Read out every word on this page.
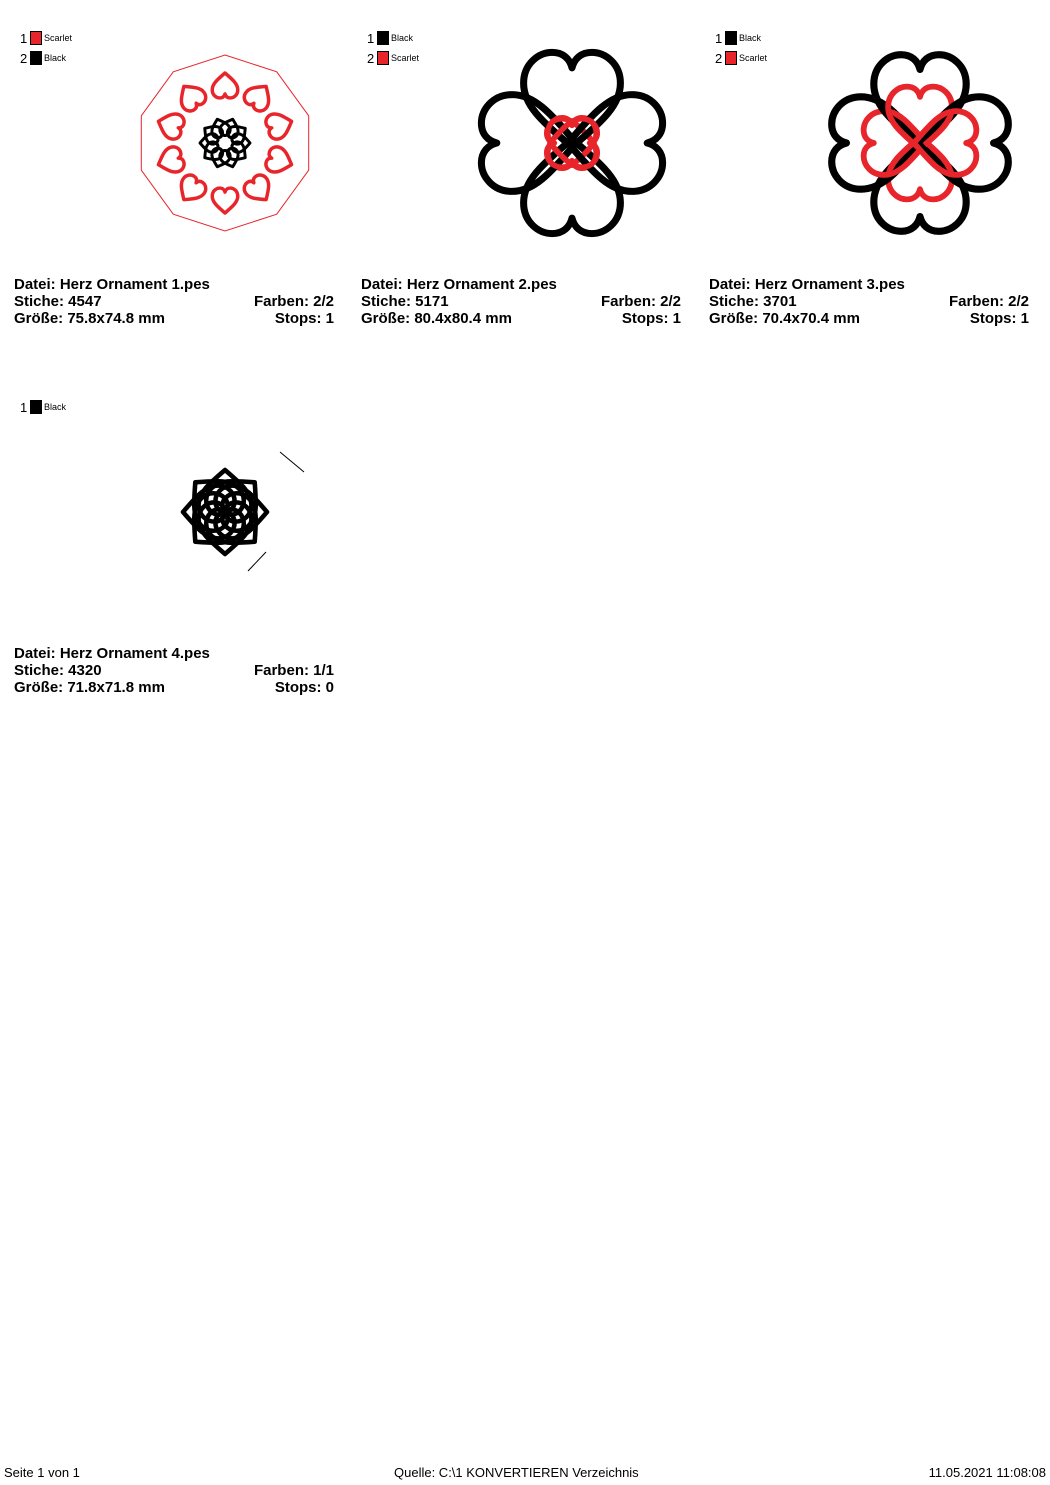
1 Scarlet
2 Black
Datei: Herz Ornament 1.pes
Stiche: 4547	Farben: 2/2
Größe: 75.8x74.8 mm	Stops: 1
1 Black
2 Scarlet
Datei: Herz Ornament 2.pes
Stiche: 5171	Farben: 2/2
Größe: 80.4x80.4 mm	Stops: 1
1 Black
2 Scarlet
Datei: Herz Ornament 3.pes
Stiche: 3701	Farben: 2/2
Größe: 70.4x70.4 mm	Stops: 1
1 Black
Datei: Herz Ornament 4.pes
Stiche: 4320	Farben: 1/1
Größe: 71.8x71.8 mm	Stops: 0
Seite 1 von 1	Quelle: C:\1 KONVERTIEREN Verzeichnis	11.05.2021 11:08:08
